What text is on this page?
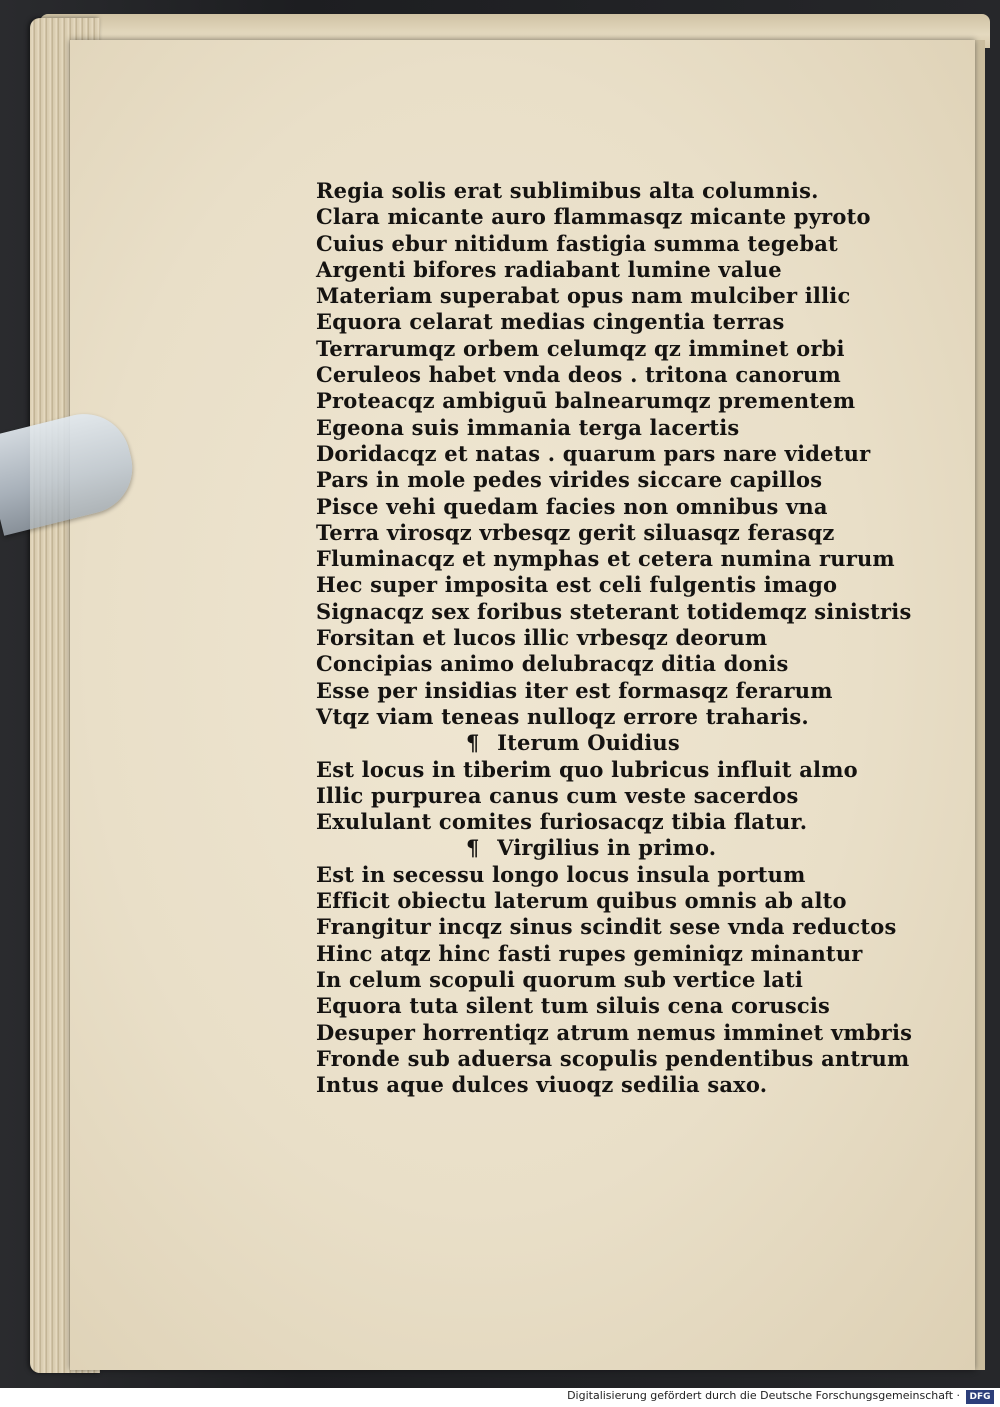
Regia solis erat sublimibus alta columnis.
Clara micante auro flammasqz micante pyroto
Cuius ebur nitidum fastigia summa tegebat
Argenti bifores radiabant lumine value
Materiam superabat opus nam mulciber illic
Equora celarat medias cingentia terras
Terrarumqz orbem celumqz qz imminet orbi
Ceruleos habet vnda deos . tritona canorum
Proteacqz ambiguū balnearumqz prementem
Egeona suis immania terga lacertis
Doridacqz et natas . quarum pars nare videtur
Pars in mole pedes virides siccare capillos
Pisce vehi quedam facies non omnibus vna
Terra virosqz vrbesqz gerit siluasqz ferasqz
Fluminacqz et nymphas et cetera numina rurum
Hec super imposita est celi fulgentis imago
Signacqz sex foribus steterant totidemqz sinistris
Forsitan et lucos illic vrbesqz deorum
Concipias animo delubracqz ditia donis
Esse per insidias iter est formasqz ferarum
Vtqz viam teneas nulloqz errore traharis.
¶ Iterum Ouidius
Est locus in tiberim quo lubricus influit almo
Illic purpurea canus cum veste sacerdos
Exululant comites furiosacqz tibia flatur.
¶ Virgilius in primo.
Est in secessu longo locus insula portum
Efficit obiectu laterum quibus omnis ab alto
Frangitur incqz sinus scindit sese vnda reductos
Hinc atqz hinc fasti rupes geminiqz minantur
In celum scopuli quorum sub vertice lati
Equora tuta silent tum siluis cena coruscis
Desuper horrentiqz atrum nemus imminet vmbris
Fronde sub aduersa scopulis pendentibus antrum
Intus aque dulces viuoqz sedilia saxo.
Digitalisierung gefördert durch die Deutsche Forschungsgemeinschaft ·	DFG
